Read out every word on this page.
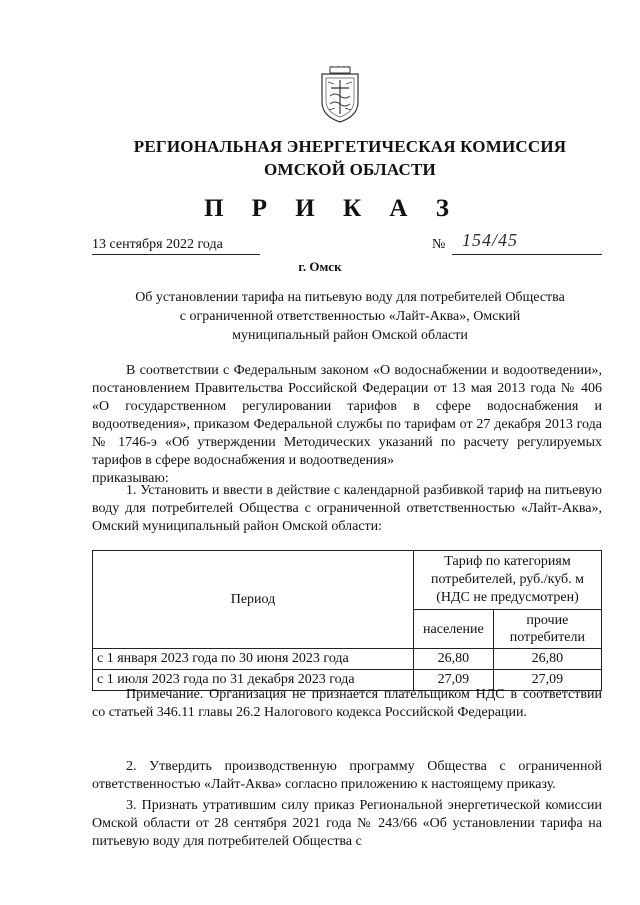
РЕГИОНАЛЬНАЯ ЭНЕРГЕТИЧЕСКАЯ КОМИССИЯ
ОМСКОЙ ОБЛАСТИ
П Р И К А З
13 сентября 2022 года	№ 154/45
г. Омск
Об установлении тарифа на питьевую воду для потребителей Общества
с ограниченной ответственностью «Лайт-Аква», Омский
муниципальный район Омской области
В соответствии с Федеральным законом «О водоснабжении и водоотведении», постановлением Правительства Российской Федерации от 13 мая 2013 года № 406 «О государственном регулировании тарифов в сфере водоснабжения и водоотведения», приказом Федеральной службы по тарифам от 27 декабря 2013 года № 1746-э «Об утверждении Методических указаний по расчету регулируемых тарифов в сфере водоснабжения и водоотведения»
приказываю:
1. Установить и ввести в действие с календарной разбивкой тариф на питьевую воду для потребителей Общества с ограниченной ответственностью «Лайт-Аква», Омский муниципальный район Омской области:
Период	Тариф по категориям потребителей, руб./куб. м (НДС не предусмотрен)	
	население	прочие потребители
с 1 января 2023 года по 30 июня 2023 года	26,80	26,80
с 1 июля 2023 года по 31 декабря 2023 года	27,09	27,09
Примечание. Организация не признается плательщиком НДС в соответствии со статьей 346.11 главы 26.2 Налогового кодекса Российской Федерации.
2. Утвердить производственную программу Общества с ограниченной ответственностью «Лайт-Аква» согласно приложению к настоящему приказу.
3. Признать утратившим силу приказ Региональной энергетической комиссии Омской области от 28 сентября 2021 года № 243/66 «Об установлении тарифа на питьевую воду для потребителей Общества с
